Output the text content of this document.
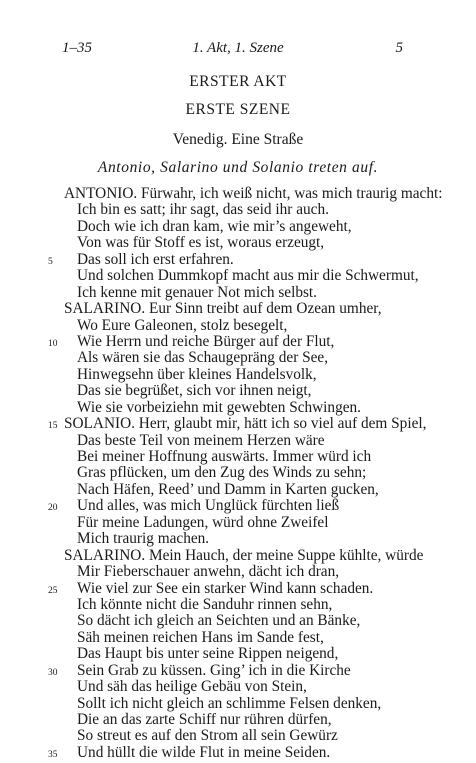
1–35	1. Akt, 1. Szene	5
ERSTER AKT
ERSTE SZENE
Venedig. Eine Straße
Antonio, Salarino und Solanio treten auf.
ANTONIO. Fürwahr, ich weiß nicht, was mich traurig macht:
Ich bin es satt; ihr sagt, das seid ihr auch.
Doch wie ich dran kam, wie mir’s angeweht,
Von was für Stoff es ist, woraus erzeugt,
5	Das soll ich erst erfahren.
Und solchen Dummkopf macht aus mir die Schwermut,
Ich kenne mit genauer Not mich selbst.
SALARINO. Eur Sinn treibt auf dem Ozean umher,
Wo Eure Galeonen, stolz besegelt,
10 Wie Herrn und reiche Bürger auf der Flut,
Als wären sie das Schaugepräng der See,
Hinwegsehn über kleines Handelsvolk,
Das sie begrüßet, sich vor ihnen neigt,
Wie sie vorbeiziehn mit gewebten Schwingen.
15 SOLANIO. Herr, glaubt mir, hätt ich so viel auf dem Spiel,
Das beste Teil von meinem Herzen wäre
Bei meiner Hoffnung auswärts. Immer würd ich
Gras pflücken, um den Zug des Winds zu sehn;
Nach Häfen, Reed’ und Damm in Karten gucken,
20 Und alles, was mich Unglück fürchten ließ
Für meine Ladungen, würd ohne Zweifel
Mich traurig machen.
SALARINO. Mein Hauch, der meine Suppe kühlte, würde
Mir Fieberschauer anwehn, dächt ich dran,
25 Wie viel zur See ein starker Wind kann schaden.
Ich könnte nicht die Sanduhr rinnen sehn,
So dächt ich gleich an Seichten und an Bänke,
Säh meinen reichen Hans im Sande fest,
Das Haupt bis unter seine Rippen neigend,
30 Sein Grab zu küssen. Ging’ ich in die Kirche
Und säh das heilige Gebäu von Stein,
Sollt ich nicht gleich an schlimme Felsen denken,
Die an das zarte Schiff nur rühren dürfen,
So streut es auf den Strom all sein Gewürz
35 Und hüllt die wilde Flut in meine Seiden.
